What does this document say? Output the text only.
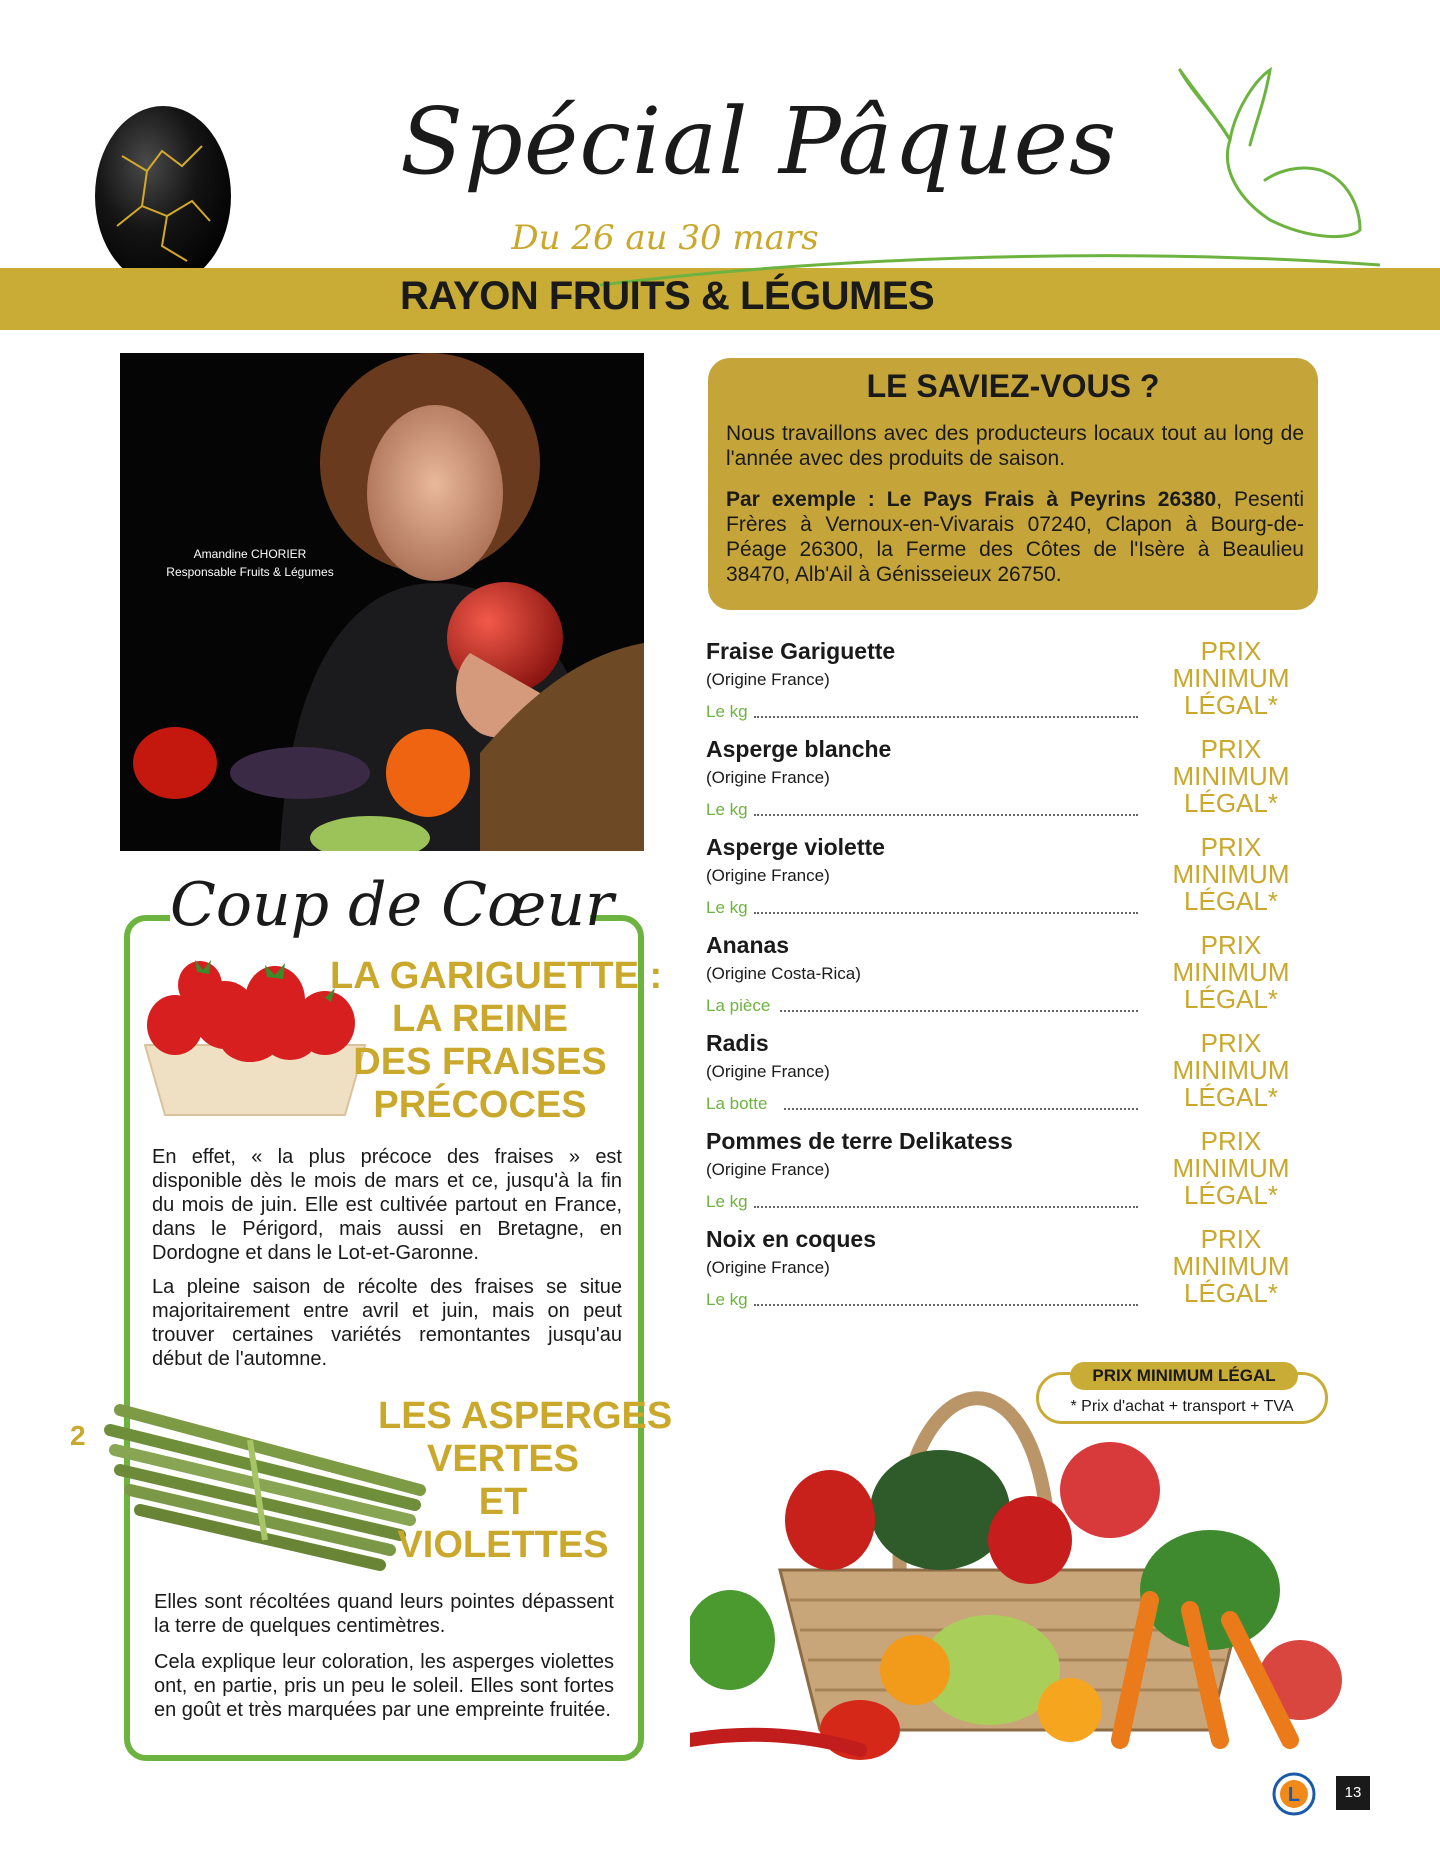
Spécial Pâques
Du 26 au 30 mars
RAYON FRUITS & LÉGUMES
Amandine CHORIER
Responsable Fruits & Légumes
Coup de Cœur
LA GARIGUETTE :
LA REINE
DES FRAISES
PRÉCOCES
En effet, « la plus précoce des fraises » est disponible dès le mois de mars et ce, jusqu'à la fin du mois de juin. Elle est cultivée partout en France, dans le Périgord, mais aussi en Bretagne, en Dordogne et dans le Lot-et-Garonne.
La pleine saison de récolte des fraises se situe majoritairement entre avril et juin, mais on peut trouver certaines variétés remontantes jusqu'au début de l'automne.
2	LES ASPERGES
VERTES
ET
VIOLETTES
Elles sont récoltées quand leurs pointes dépassent la terre de quelques centimètres.
Cela explique leur coloration, les asperges violettes ont, en partie, pris un peu le soleil. Elles sont fortes en goût et très marquées par une empreinte fruitée.
LE SAVIEZ-VOUS ?
Nous travaillons avec des producteurs locaux tout au long de l'année avec des produits de saison.
Par exemple : Le Pays Frais à Peyrins 26380, Pesenti Frères à Vernoux-en-Vivarais 07240, Clapon à Bourg-de-Péage 26300, la Ferme des Côtes de l'Isère à Beaulieu 38470, Alb'Ail à Génisseieux 26750.
Fraise Gariguette
(Origine France)
Le kg
PRIX
MINIMUM
LÉGAL*
Asperge blanche
(Origine France)
Le kg
PRIX
MINIMUM
LÉGAL*
Asperge violette
(Origine France)
Le kg
PRIX
MINIMUM
LÉGAL*
Ananas
(Origine Costa-Rica)
La pièce
PRIX
MINIMUM
LÉGAL*
Radis
(Origine France)
La botte
PRIX
MINIMUM
LÉGAL*
Pommes de terre Delikatess
(Origine France)
Le kg
PRIX
MINIMUM
LÉGAL*
Noix en coques
(Origine France)
Le kg
PRIX
MINIMUM
LÉGAL*
PRIX MINIMUM LÉGAL
* Prix d'achat + transport + TVA
L	13
